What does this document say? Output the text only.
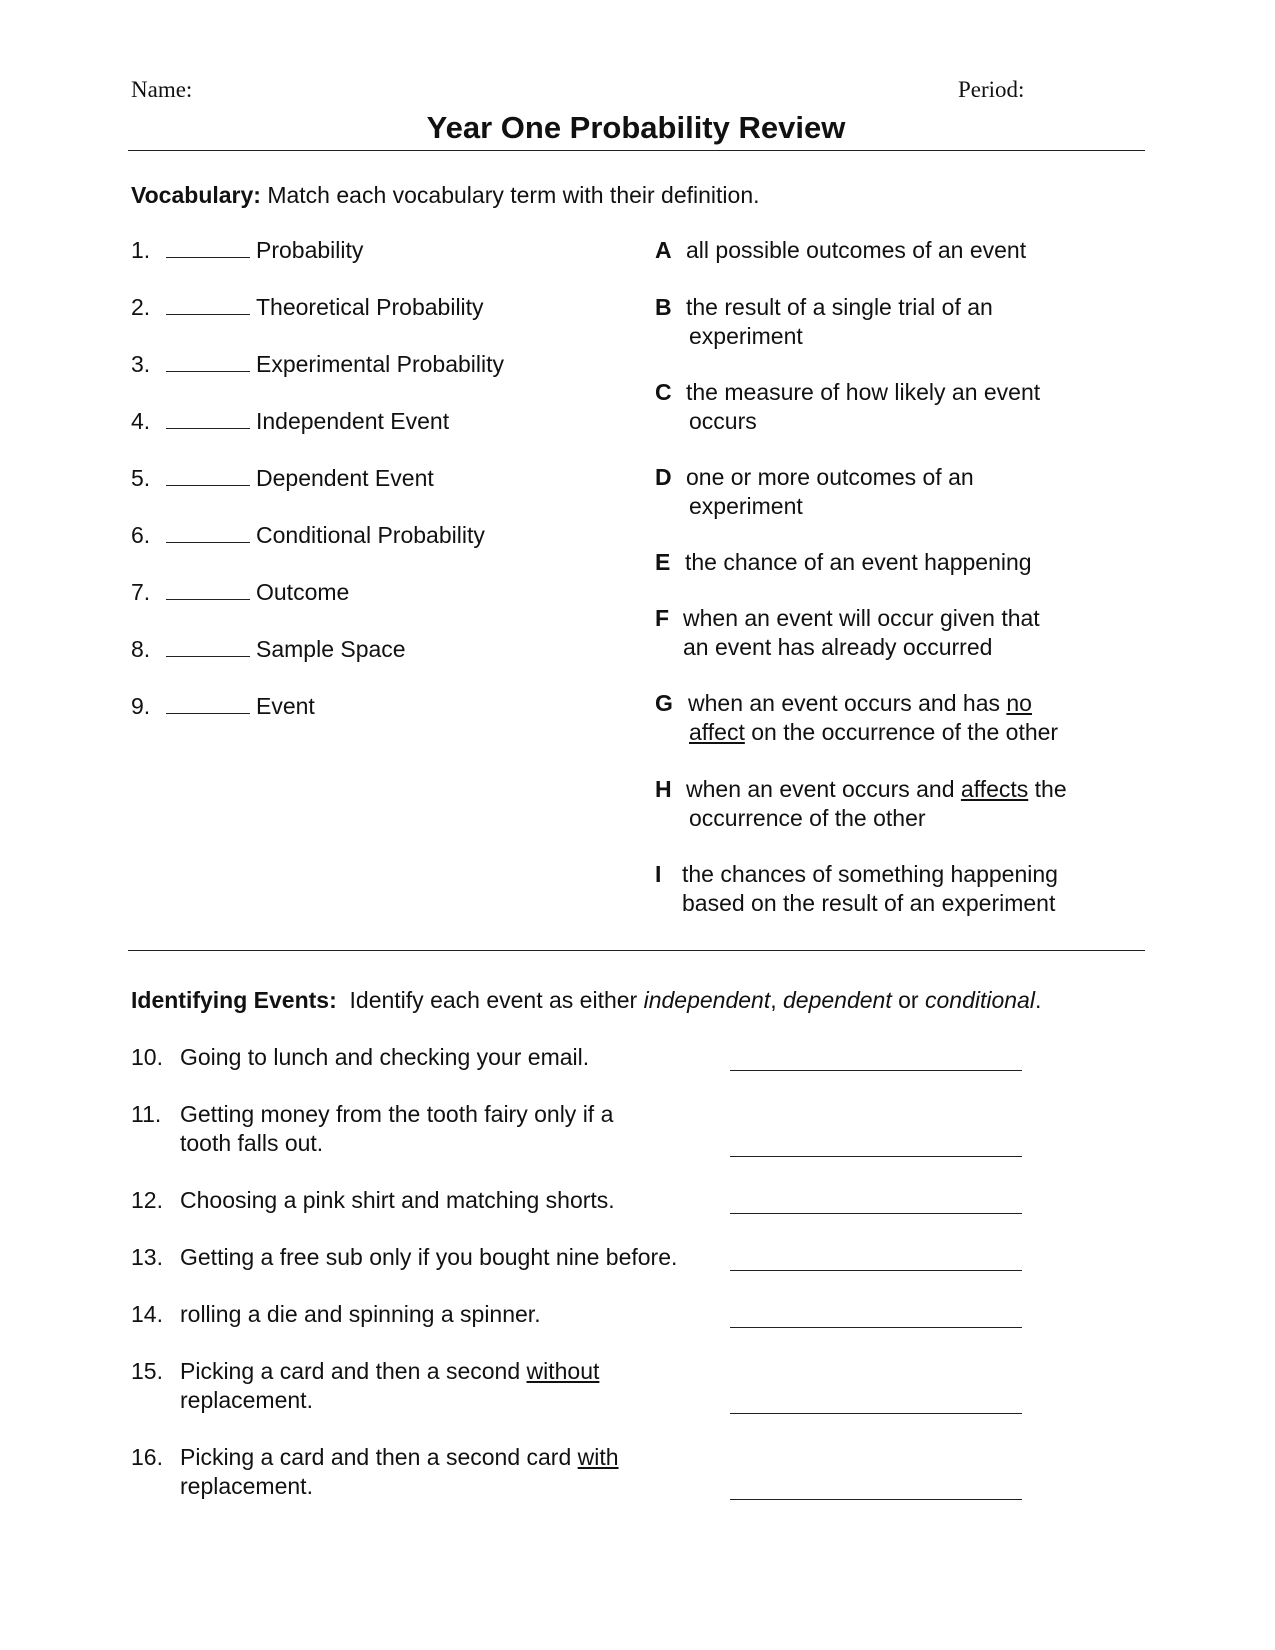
Name:	Period:
Year One Probability Review
Vocabulary: Match each vocabulary term with their definition.
1.	Probability
2.	Theoretical Probability
3.	Experimental Probability
4.	Independent Event
5.	Dependent Event
6.	Conditional Probability
7.	Outcome
8.	Sample Space
9.	Event
A all possible outcomes of an event
B the result of a single trial of an
experiment
C the measure of how likely an event
occurs
D one or more outcomes of an
experiment
E the chance of an event happening
F when an event will occur given that
an event has already occurred
G when an event occurs and has no
affect on the occurrence of the other
H when an event occurs and affects the
occurrence of the other
I the chances of something happening
based on the result of an experiment
Identifying Events:  Identify each event as either independent, dependent or conditional.
10. Going to lunch and checking your email.
11. Getting money from the tooth fairy only if a
tooth falls out.
12. Choosing a pink shirt and matching shorts.
13. Getting a free sub only if you bought nine before.
14. rolling a die and spinning a spinner.
15. Picking a card and then a second without
replacement.
16. Picking a card and then a second card with
replacement.
